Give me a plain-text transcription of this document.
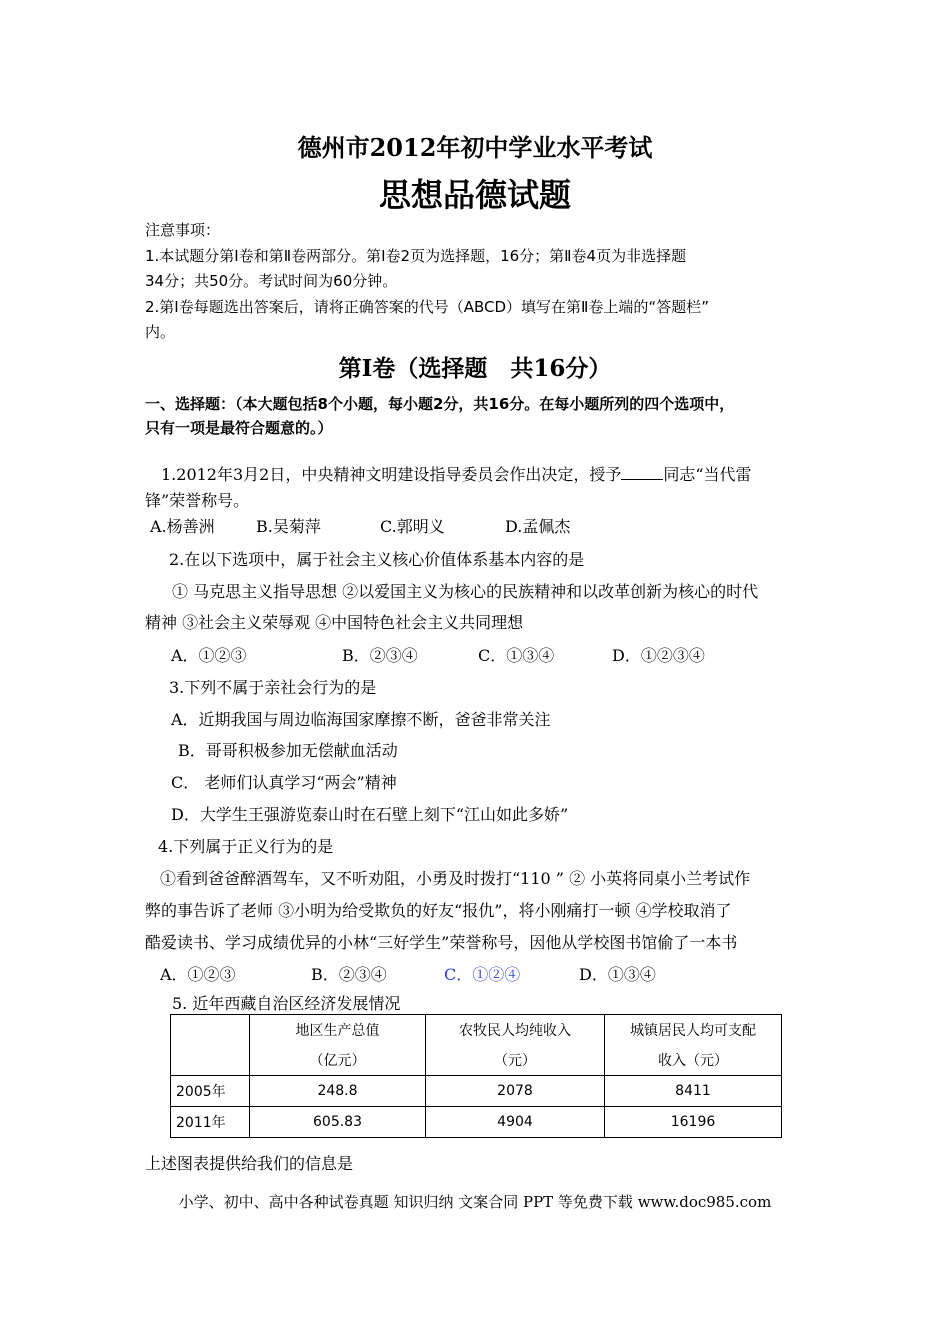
德州市2012年初中学业水平考试
思想品德试题
注意事项：
1.本试题分第Ⅰ卷和第Ⅱ卷两部分。第Ⅰ卷2页为选择题，16分；第Ⅱ卷4页为非选择题
34分；共50分。考试时间为60分钟。
2.第Ⅰ卷每题选出答案后，请将正确答案的代号（ABCD）填写在第Ⅱ卷上端的“答题栏”
内。
第Ⅰ卷（选择题　共16分）
一、选择题：（本大题包括8个小题，每小题2分，共16分。在每小题所列的四个选项中，
只有一项是最符合题意的。）
1.2012年3月2日，中央精神文明建设指导委员会作出决定，授予	同志“当代雷
锋”荣誉称号。
A.杨善洲	B.吴菊萍	C.郭明义	D.孟佩杰
2.在以下选项中，属于社会主义核心价值体系基本内容的是
① 马克思主义指导思想 ②以爱国主义为核心的民族精神和以改革创新为核心的时代
精神 ③社会主义荣辱观 ④中国特色社会主义共同理想
A．①②③	B．②③④	C．①③④	D．①②③④
3.下列不属于亲社会行为的是
A．近期我国与周边临海国家摩擦不断，爸爸非常关注
B．哥哥积极参加无偿献血活动
C． 老师们认真学习“两会”精神
D．大学生王强游览泰山时在石壁上刻下“江山如此多娇”
4.下列属于正义行为的是
①看到爸爸醉酒驾车，又不听劝阻，小勇及时拨打“110 ” ② 小英将同桌小兰考试作
弊的事告诉了老师 ③小明为给受欺负的好友“报仇”，将小刚痛打一顿 ④学校取消了
酷爱读书、学习成绩优异的小林“三好学生”荣誉称号，因他从学校图书馆偷了一本书
A．①②③	B．②③④	C．①②④	D．①③④
5. 近年西藏自治区经济发展情况
	地区生产总值	农牧民人均纯收入	城镇居民人均可支配
	（亿元）	（元）	收入（元）
2005年	248.8	2078	8411
2011年	605.83	4904	16196
上述图表提供给我们的信息是
小学、初中、高中各种试卷真题 知识归纳 文案合同 PPT 等免费下载 www.doc985.com
